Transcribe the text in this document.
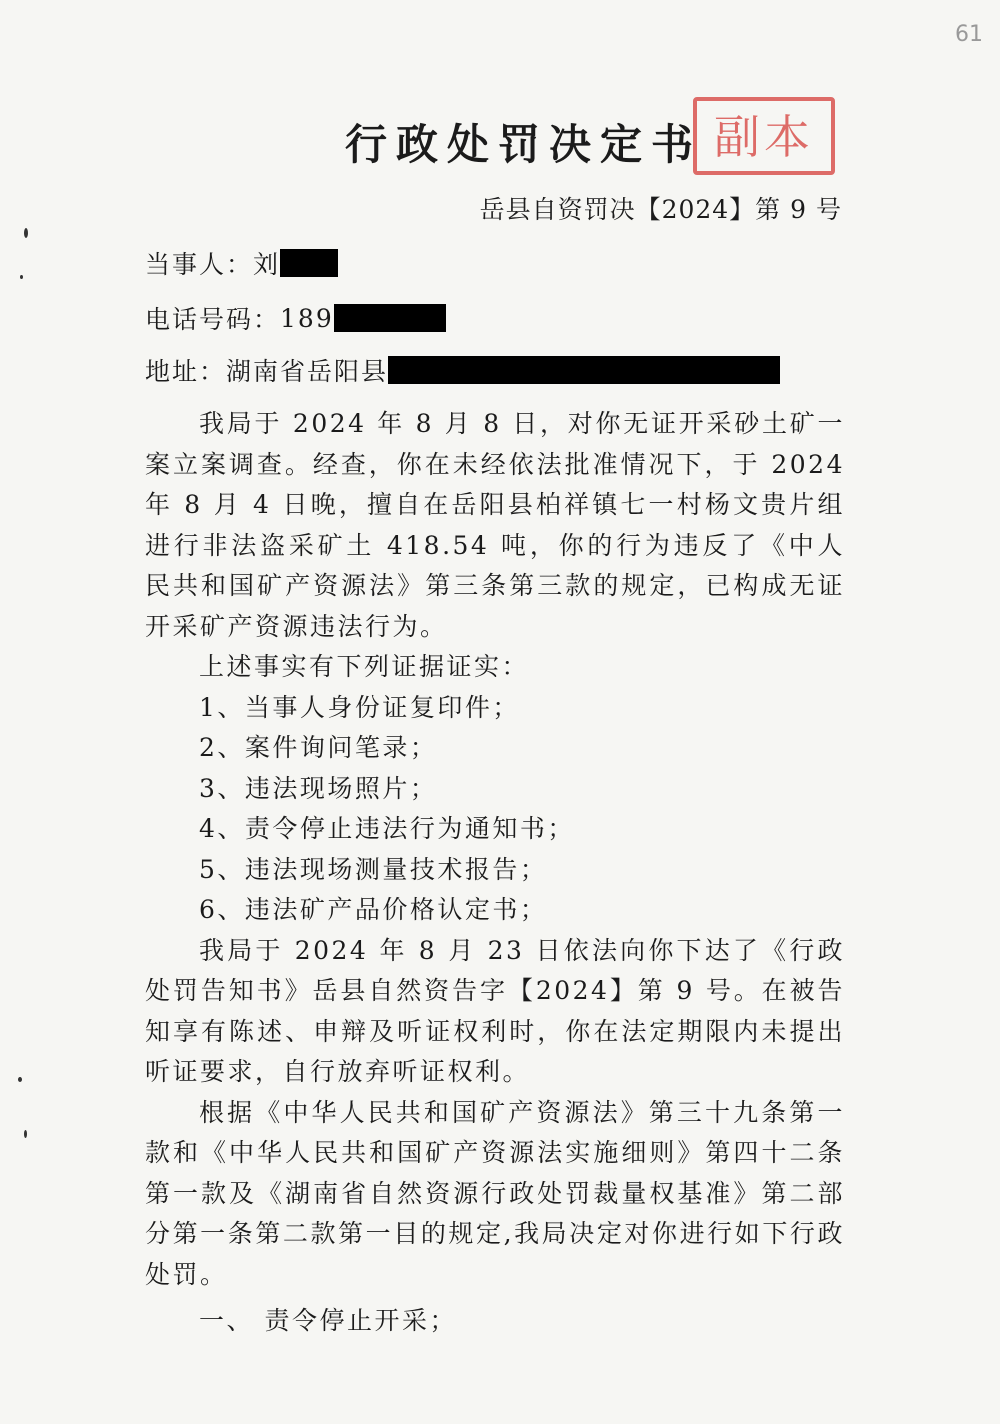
61
行政处罚决定书 副本
岳县自资罚决【2024】第 9 号
当事人： 刘
电话号码： 189
地址： 湖南省岳阳县

我局于 2024 年 8 月 8 日，对你无证开采砂土矿一案立案调查。经查，你在未经依法批准情况下，于 2024 年 8 月 4 日晚，擅自在岳阳县柏祥镇七一村杨文贵片组进行非法盗采矿土 418.54 吨，你的行为违反了《中人民共和国矿产资源法》第三条第三款的规定，已构成无证开采矿产资源违法行为。

上述事实有下列证据证实：

1、当事人身份证复印件；

2、案件询问笔录；

3、违法现场照片；

4、责令停止违法行为通知书；

5、违法现场测量技术报告；

6、违法矿产品价格认定书；

我局于 2024 年 8 月 23 日依法向你下达了《行政处罚告知书》岳县自然资告字【2024】第 9 号。在被告知享有陈述、申辩及听证权利时，你在法定期限内未提出听证要求，自行放弃听证权利。

根据《中华人民共和国矿产资源法》第三十九条第一款和《中华人民共和国矿产资源法实施细则》第四十二条第一款及《湖南省自然资源行政处罚裁量权基准》第二部分第一条第二款第一目的规定,我局决定对你进行如下行政处罚。

一、 责令停止开采；
